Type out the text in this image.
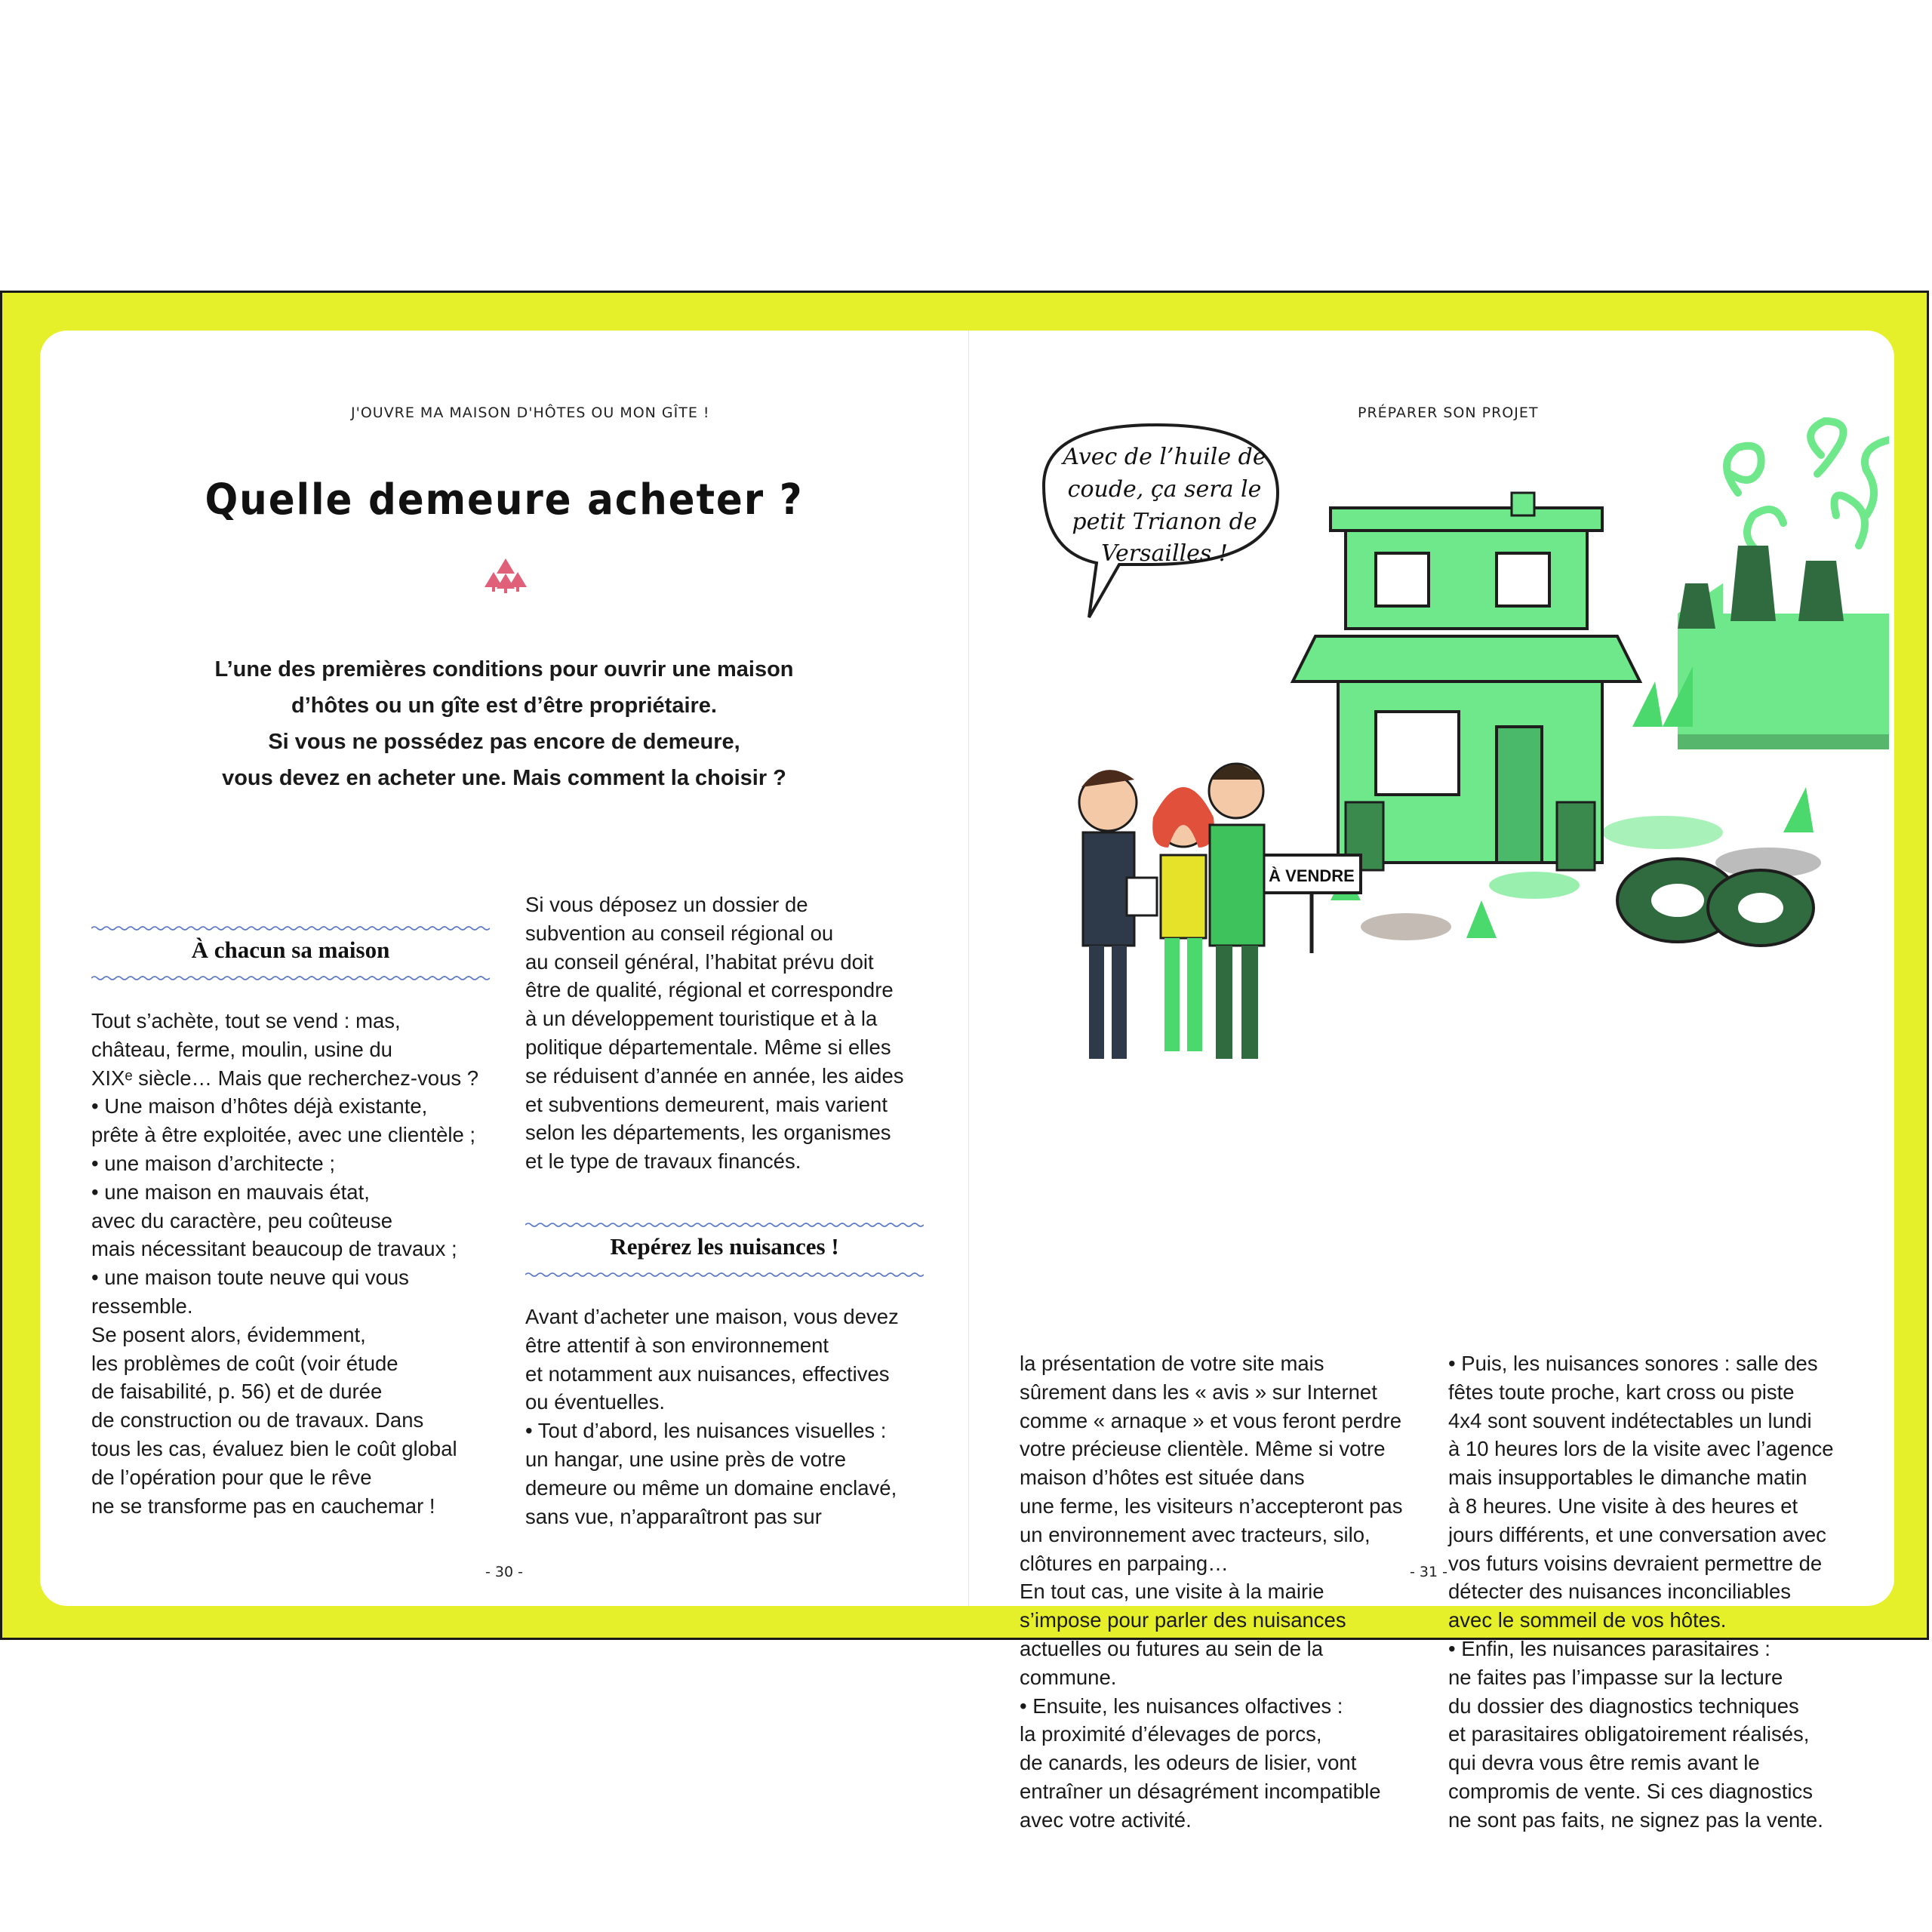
J'OUVRE MA MAISON D'HÔTES OU MON GÎTE !
Quelle demeure acheter ?

L’une des premières conditions pour ouvrir une maison

d’hôtes ou un gîte est d’être propriétaire.

Si vous ne possédez pas encore de demeure,

vous devez en acheter une. Mais comment la choisir ?

À chacun sa maison

Tout s’achète, tout se vend : mas,

château, ferme, moulin, usine du

XIXᵉ siècle… Mais que recherchez-vous ?

• Une maison d’hôtes déjà existante,

prête à être exploitée, avec une clientèle ;

• une maison d’architecte ;

• une maison en mauvais état,

avec du caractère, peu coûteuse

mais nécessitant beaucoup de travaux ;

• une maison toute neuve qui vous

ressemble.

Se posent alors, évidemment,

les problèmes de coût (voir étude

de faisabilité, p. 56) et de durée

de construction ou de travaux. Dans

tous les cas, évaluez bien le coût global

de l’opération pour que le rêve

ne se transforme pas en cauchemar !

Si vous déposez un dossier de

subvention au conseil régional ou

au conseil général, l’habitat prévu doit

être de qualité, régional et correspondre

à un développement touristique et à la

politique départementale. Même si elles

se réduisent d’année en année, les aides

et subventions demeurent, mais varient

selon les départements, les organismes

et le type de travaux financés.

Repérez les nuisances !

Avant d’acheter une maison, vous devez

être attentif à son environnement

et notamment aux nuisances, effectives

ou éventuelles.

• Tout d’abord, les nuisances visuelles :

un hangar, une usine près de votre

demeure ou même un domaine enclavé,

sans vue, n’apparaîtront pas sur

- 30 -
PRÉPARER SON PROJET
À VENDRE
Avec de l’huile de
coude, ça sera le
petit Trianon de
Versailles !

la présentation de votre site mais

sûrement dans les « avis » sur Internet

comme « arnaque » et vous feront perdre

votre précieuse clientèle. Même si votre

maison d’hôtes est située dans

une ferme, les visiteurs n’accepteront pas

un environnement avec tracteurs, silo,

clôtures en parpaing…

En tout cas, une visite à la mairie

s’impose pour parler des nuisances

actuelles ou futures au sein de la

commune.

• Ensuite, les nuisances olfactives :

la proximité d’élevages de porcs,

de canards, les odeurs de lisier, vont

entraîner un désagrément incompatible

avec votre activité.

• Puis, les nuisances sonores : salle des

fêtes toute proche, kart cross ou piste

4x4 sont souvent indétectables un lundi

à 10 heures lors de la visite avec l’agence

mais insupportables le dimanche matin

à 8 heures. Une visite à des heures et

jours différents, et une conversation avec

vos futurs voisins devraient permettre de

détecter des nuisances inconciliables

avec le sommeil de vos hôtes.

• Enfin, les nuisances parasitaires :

ne faites pas l’impasse sur la lecture

du dossier des diagnostics techniques

et parasitaires obligatoirement réalisés,

qui devra vous être remis avant le

compromis de vente. Si ces diagnostics

ne sont pas faits, ne signez pas la vente.

- 31 -
